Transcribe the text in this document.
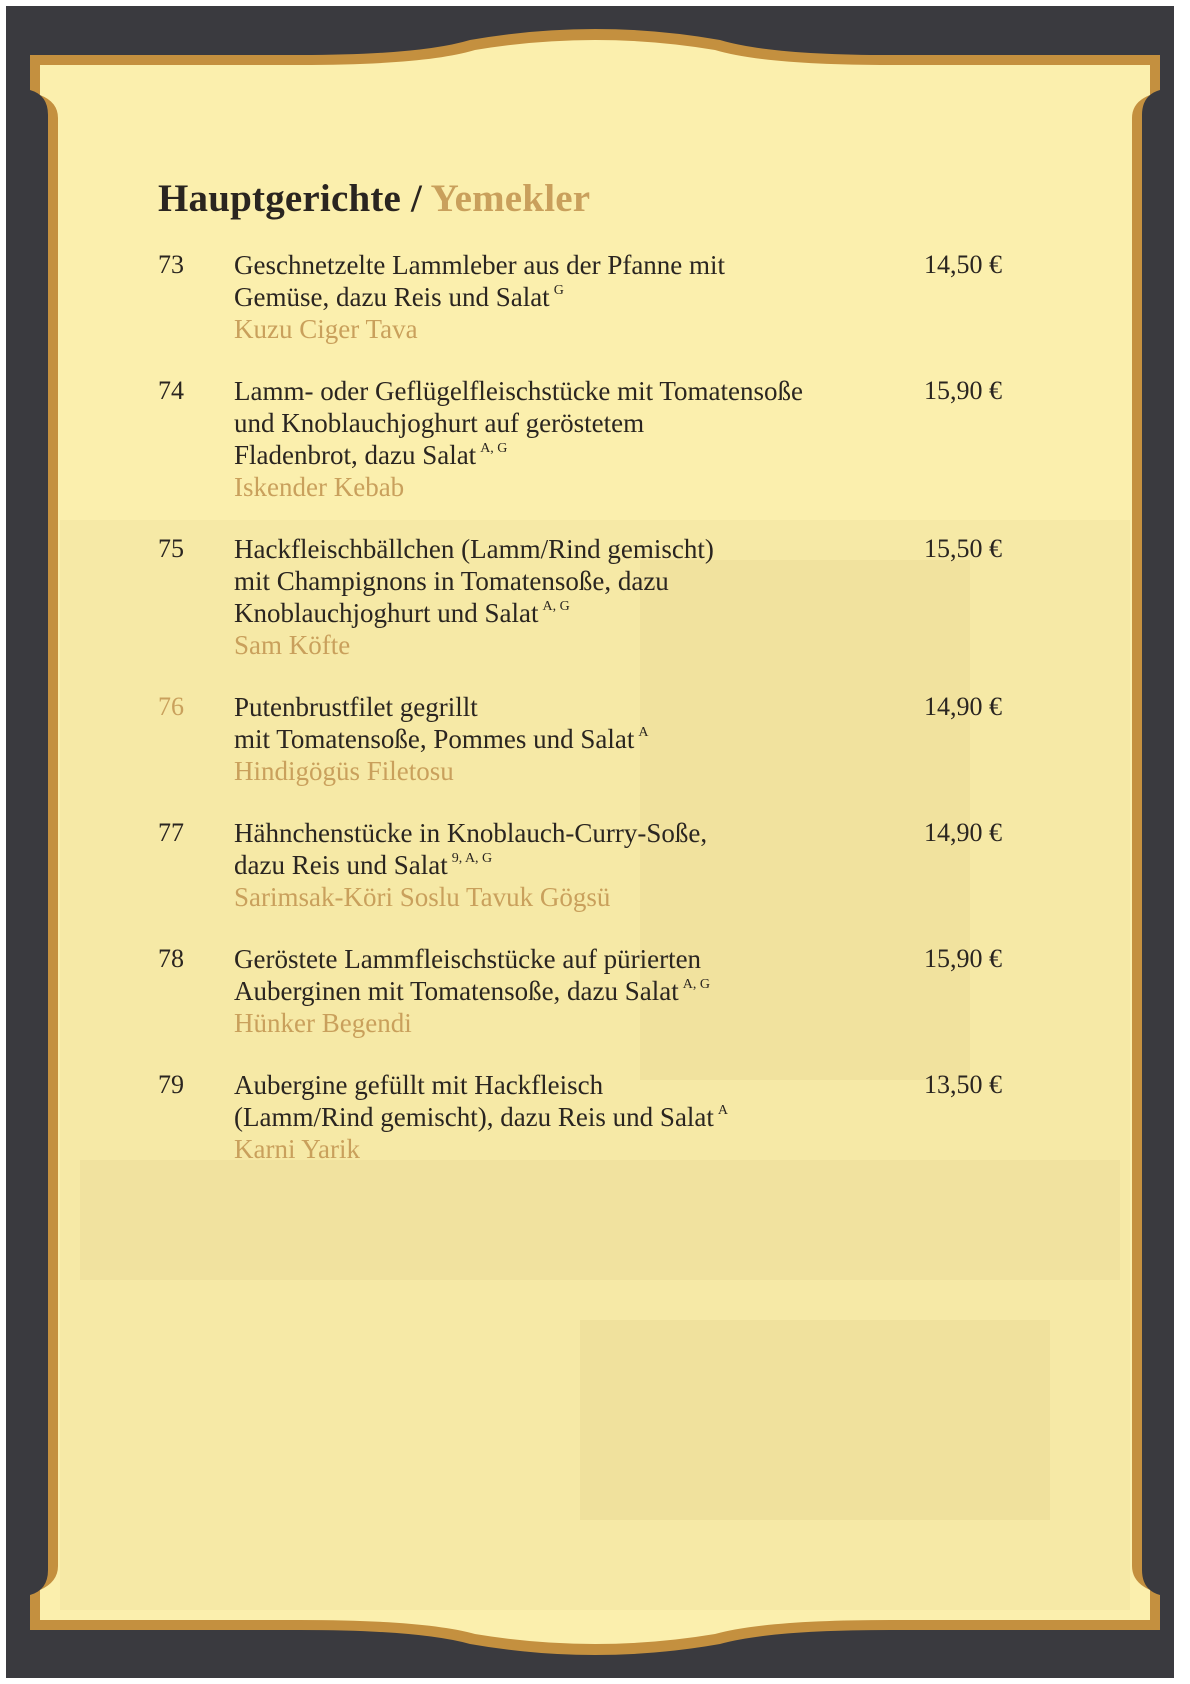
Hauptgerichte / Yemekler
73	Geschnetzelte Lammleber aus der Pfanne mit
Gemüse, dazu Reis und Salat $^G$
Kuzu Ciger Tava
14,50 €
74	Lamm- oder Geflügelfleischstücke mit Tomatensoße
und Knoblauchjoghurt auf geröstetem
Fladenbrot, dazu Salat $^{A, G}$
Iskender Kebab
15,90 €
75	Hackfleischbällchen (Lamm/Rind gemischt)
mit Champignons in Tomatensoße, dazu
Knoblauchjoghurt und Salat $^{A, G}$
Sam Köfte
15,50 €
76	Putenbrustfilet gegrillt
mit Tomatensoße, Pommes und Salat $^A$
Hindigögüs Filetosu
14,90 €
77	Hähnchenstücke in Knoblauch-Curry-Soße,
dazu Reis und Salat $^{9, A, G}$
Sarimsak-Köri Soslu Tavuk Gögsü
14,90 €
78	Geröstete Lammfleischstücke auf pürierten
Auberginen mit Tomatensoße, dazu Salat $^{A, G}$
Hünker Begendi
15,90 €
79	Aubergine gefüllt mit Hackfleisch
(Lamm/Rind gemischt), dazu Reis und Salat $^A$
Karni Yarik
13,50 €
